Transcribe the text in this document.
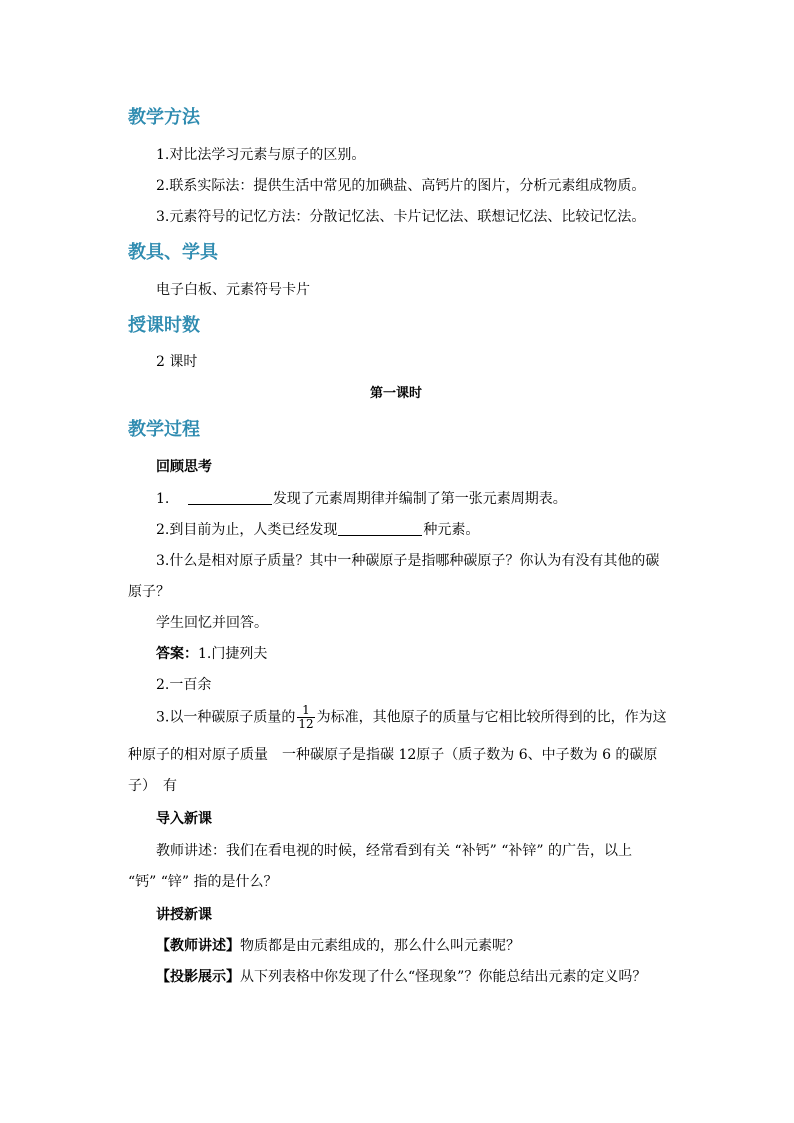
教学方法
1.对比法学习元素与原子的区别。
2.联系实际法：提供生活中常见的加碘盐、高钙片的图片，分析元素组成物质。
3.元素符号的记忆方法：分散记忆法、卡片记忆法、联想记忆法、比较记忆法。
教具、学具
电子白板、元素符号卡片
授课时数
2 课时
第一课时
教学过程
回顾思考
1.	发现了元素周期律并编制了第一张元素周期表。
2.到目前为止，人类已经发现	种元素。
3.什么是相对原子质量？其中一种碳原子是指哪种碳原子？你认为有没有其他的碳
原子？
学生回忆并回答。
答案：1.门捷列夫
2.一百余
3.以一种碳原子质量的 $\frac{1}{12}$ 为标准，其他原子的质量与它相比较所得到的比，作为这
种原子的相对原子质量　一种碳原子是指碳 12原子（质子数为 6、中子数为 6 的碳原
子）　有
导入新课
教师讲述：我们在看电视的时候，经常看到有关 “补钙” “补锌” 的广告，以上
“钙” “锌” 指的是什么？
讲授新课
【教师讲述】物质都是由元素组成的，那么什么叫元素呢？
【投影展示】从下列表格中你发现了什么“怪现象”？你能总结出元素的定义吗？
